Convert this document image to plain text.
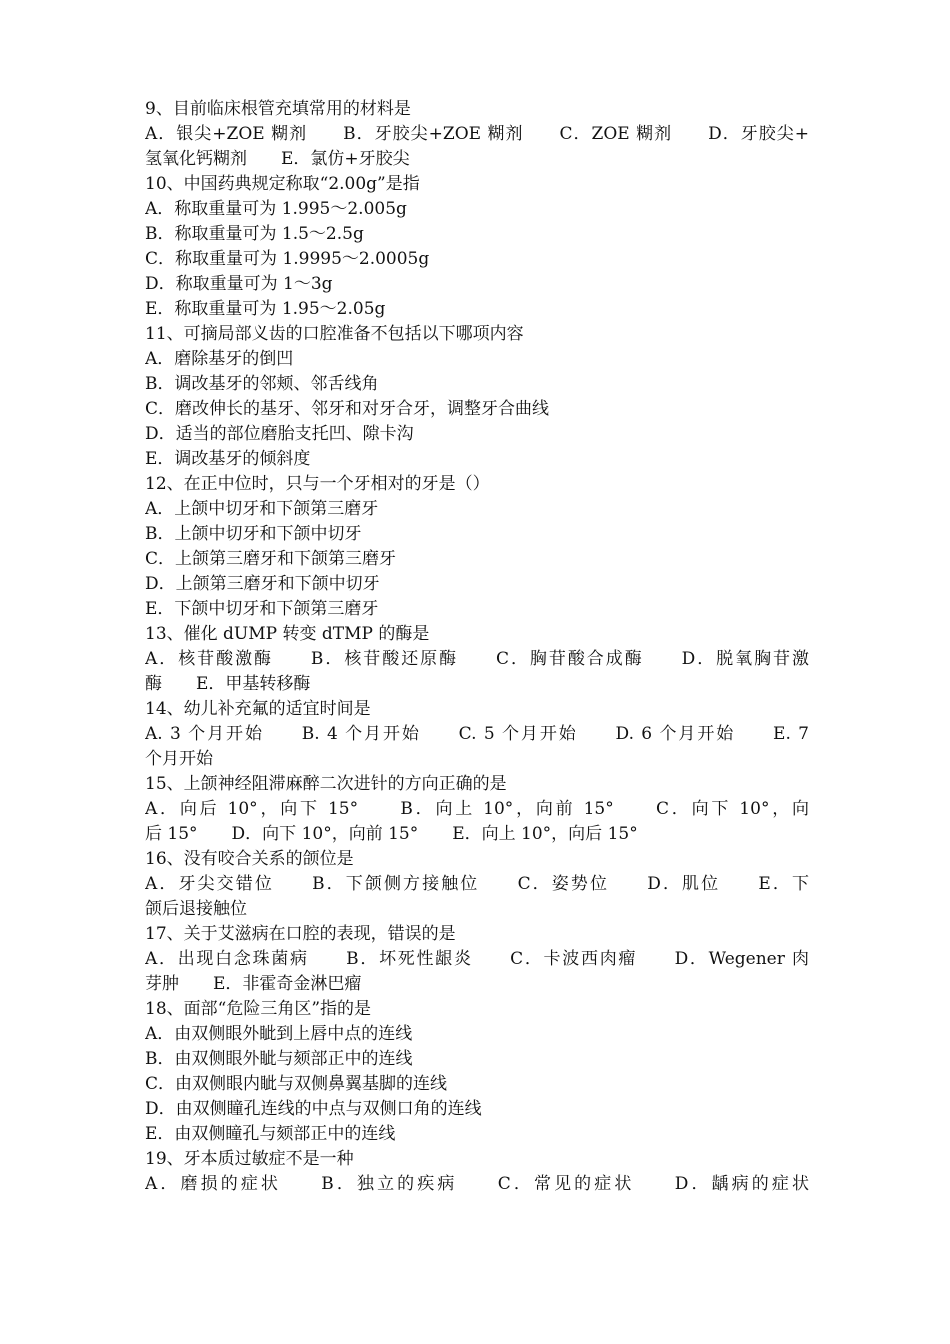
9、目前临床根管充填常用的材料是
A．银尖+ZOE 糊剂　　B．牙胶尖+ZOE 糊剂　　C．ZOE 糊剂　　D．牙胶尖+
氢氧化钙糊剂　　E．氯仿+牙胶尖
10、中国药典规定称取“2.00g”是指
A．称取重量可为 1.995～2.005g
B．称取重量可为 1.5～2.5g
C．称取重量可为 1.9995～2.0005g
D．称取重量可为 1～3g
E．称取重量可为 1.95～2.05g
11、可摘局部义齿的口腔准备不包括以下哪项内容
A．磨除基牙的倒凹
B．调改基牙的邻颊、邻舌线角
C．磨改伸长的基牙、邻牙和对牙合牙，调整牙合曲线
D．适当的部位磨胎支托凹、隙卡沟
E．调改基牙的倾斜度
12、在正中位时，只与一个牙相对的牙是（）
A．上颌中切牙和下颌第三磨牙
B．上颌中切牙和下颌中切牙
C．上颌第三磨牙和下颌第三磨牙
D．上颌第三磨牙和下颌中切牙
E．下颌中切牙和下颌第三磨牙
13、催化 dUMP 转变 dTMP 的酶是
A．核苷酸激酶　　B．核苷酸还原酶　　C．胸苷酸合成酶　　D．脱氧胸苷激
酶　　E．甲基转移酶
14、幼儿补充氟的适宜时间是
A. 3 个月开始　　B. 4 个月开始　　C. 5 个月开始　　D. 6 个月开始　　E. 7
个月开始
15、上颌神经阻滞麻醉二次进针的方向正确的是
A．向后 10°，向下 15°　　B．向上 10°，向前 15°　　C．向下 10°，向
后 15°　　D．向下 10°，向前 15°　　E．向上 10°，向后 15°
16、没有咬合关系的颌位是
A．牙尖交错位　　B．下颌侧方接触位　　C．姿势位　　D．肌位　　E．下
颌后退接触位
17、关于艾滋病在口腔的表现，错误的是
A．出现白念珠菌病　　B．坏死性龈炎　　C．卡波西肉瘤　　D．Wegener 肉
芽肿　　E．非霍奇金淋巴瘤
18、面部“危险三角区”指的是
A．由双侧眼外眦到上唇中点的连线
B．由双侧眼外眦与颏部正中的连线
C．由双侧眼内眦与双侧鼻翼基脚的连线
D．由双侧瞳孔连线的中点与双侧口角的连线
E．由双侧瞳孔与颏部正中的连线
19、牙本质过敏症不是一种
A．磨损的症状　　B．独立的疾病　　C．常见的症状　　D．龋病的症状
